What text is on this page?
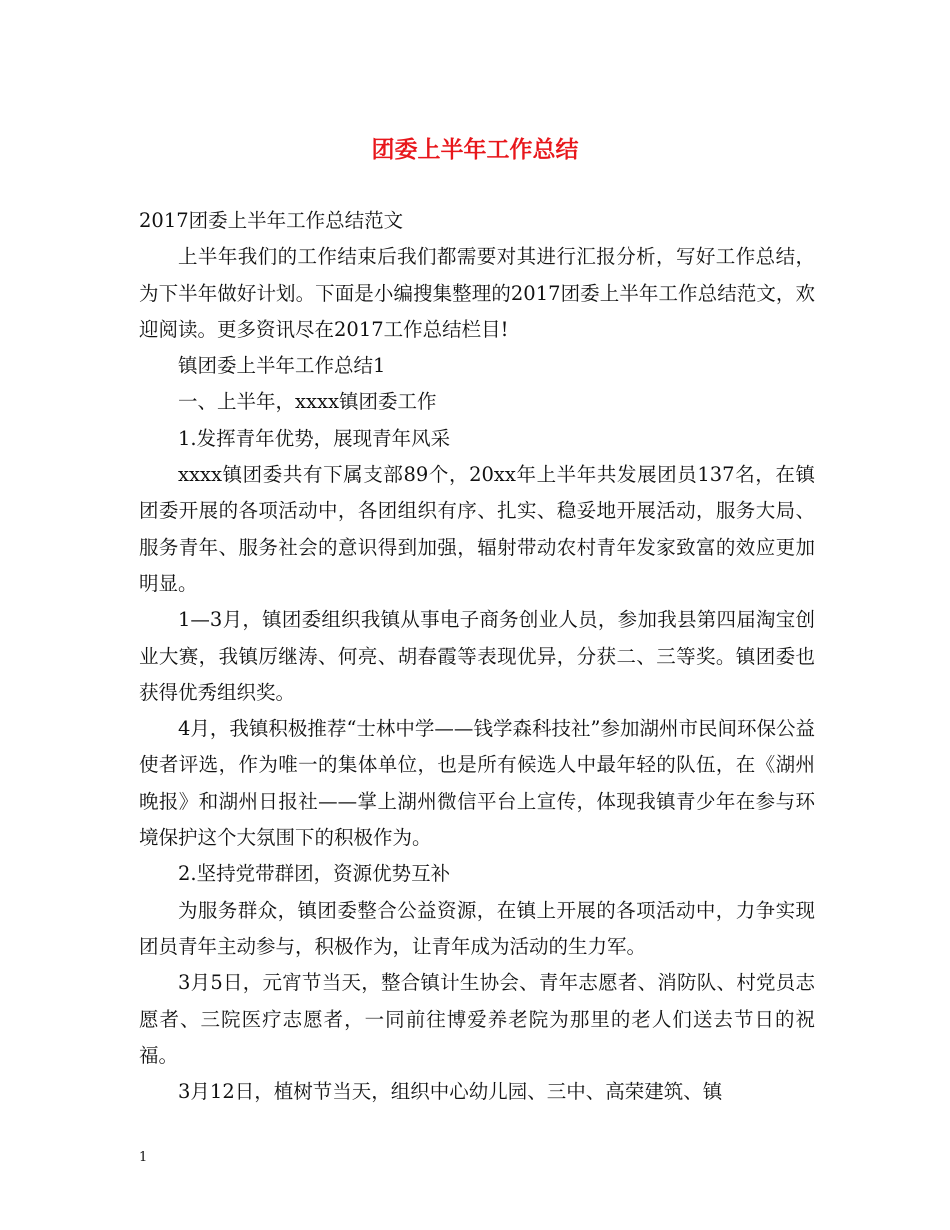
团委上半年工作总结

2017团委上半年工作总结范文

上半年我们的工作结束后我们都需要对其进行汇报分析，写好工作总结，为下半年做好计划。下面是小编搜集整理的2017团委上半年工作总结范文，欢迎阅读。更多资讯尽在2017工作总结栏目!

镇团委上半年工作总结1

一、上半年，xxxx镇团委工作

1.发挥青年优势，展现青年风采

xxxx镇团委共有下属支部89个，20xx年上半年共发展团员137名，在镇团委开展的各项活动中，各团组织有序、扎实、稳妥地开展活动，服务大局、服务青年、服务社会的意识得到加强，辐射带动农村青年发家致富的效应更加明显。

1—3月，镇团委组织我镇从事电子商务创业人员，参加我县第四届淘宝创业大赛，我镇厉继涛、何亮、胡春霞等表现优异，分获二、三等奖。镇团委也获得优秀组织奖。

4月，我镇积极推荐“士林中学——钱学森科技社”参加湖州市民间环保公益使者评选，作为唯一的集体单位，也是所有候选人中最年轻的队伍，在《湖州晚报》和湖州日报社——掌上湖州微信平台上宣传，体现我镇青少年在参与环境保护这个大氛围下的积极作为。

2.坚持党带群团，资源优势互补

为服务群众，镇团委整合公益资源，在镇上开展的各项活动中，力争实现团员青年主动参与，积极作为，让青年成为活动的生力军。

3月5日，元宵节当天，整合镇计生协会、青年志愿者、消防队、村党员志愿者、三院医疗志愿者，一同前往博爱养老院为那里的老人们送去节日的祝福。

3月12日，植树节当天，组织中心幼儿园、三中、高荣建筑、镇

1
